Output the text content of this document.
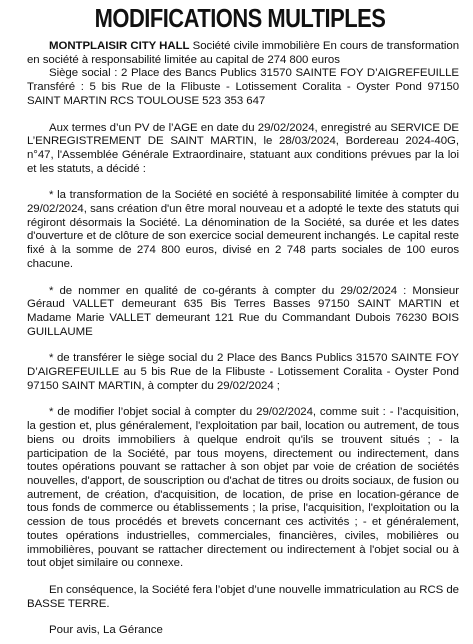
MODIFICATIONS MULTIPLES

MONTPLAISIR CITY HALL Société civile immobilière En cours de transformation en société à responsabilité limitée au capital de 274 800 euros

Siège social : 2 Place des Bancs Publics 31570 SAINTE FOY D’AIGREFEUILLE Transféré : 5 bis Rue de la Flibuste - Lotissement Coralita - Oyster Pond 97150 SAINT MARTIN RCS TOULOUSE 523 353 647

Aux termes d’un PV de l’AGE en date du 29/02/2024, enregistré au SERVICE DE L’ENREGISTREMENT DE SAINT MARTIN, le 28/03/2024, Bordereau 2024-40G, n°47, l'Assemblée Générale Extraordinaire, statuant aux conditions prévues par la loi et les statuts, a décidé :

* la transformation de la Société en société à responsabilité limitée à compter du 29/02/2024, sans création d'un être moral nouveau et a adopté le texte des statuts qui régiront désormais la Société. La dénomination de la Société, sa durée et les dates d'ouverture et de clôture de son exercice social demeurent inchangés. Le capital reste fixé à la somme de 274 800 euros, divisé en 2 748 parts sociales de 100 euros chacune.

* de nommer en qualité de co-gérants à compter du 29/02/2024 : Monsieur Géraud VALLET demeurant 635 Bis Terres Basses 97150 SAINT MARTIN et Madame Marie VALLET demeurant 121 Rue du Commandant Dubois 76230 BOIS GUILLAUME

* de transférer le siège social du 2 Place des Bancs Publics 31570 SAINTE FOY D’AIGREFEUILLE au 5 bis Rue de la Flibuste - Lotissement Coralita - Oyster Pond 97150 SAINT MARTIN, à compter du 29/02/2024 ;

* de modifier l’objet social à compter du 29/02/2024, comme suit : - l’acquisition, la gestion et, plus généralement, l'exploitation par bail, location ou autrement, de tous biens ou droits immobiliers à quelque endroit qu'ils se trouvent situés ; - la participation de la Société, par tous moyens, directement ou indirectement, dans toutes opérations pouvant se rattacher à son objet par voie de création de sociétés nouvelles, d'apport, de souscription ou d'achat de titres ou droits sociaux, de fusion ou autrement, de création, d'acquisition, de location, de prise en location-gérance de tous fonds de commerce ou établissements ; la prise, l'acquisition, l'exploitation ou la cession de tous procédés et brevets concernant ces activités ; - et généralement, toutes opérations industrielles, commerciales, financières, civiles, mobilières ou immobilières, pouvant se rattacher directement ou indirectement à l'objet social ou à tout objet similaire ou connexe.

En conséquence, la Société fera l’objet d’une nouvelle immatriculation au RCS de BASSE TERRE.

Pour avis, La Gérance
